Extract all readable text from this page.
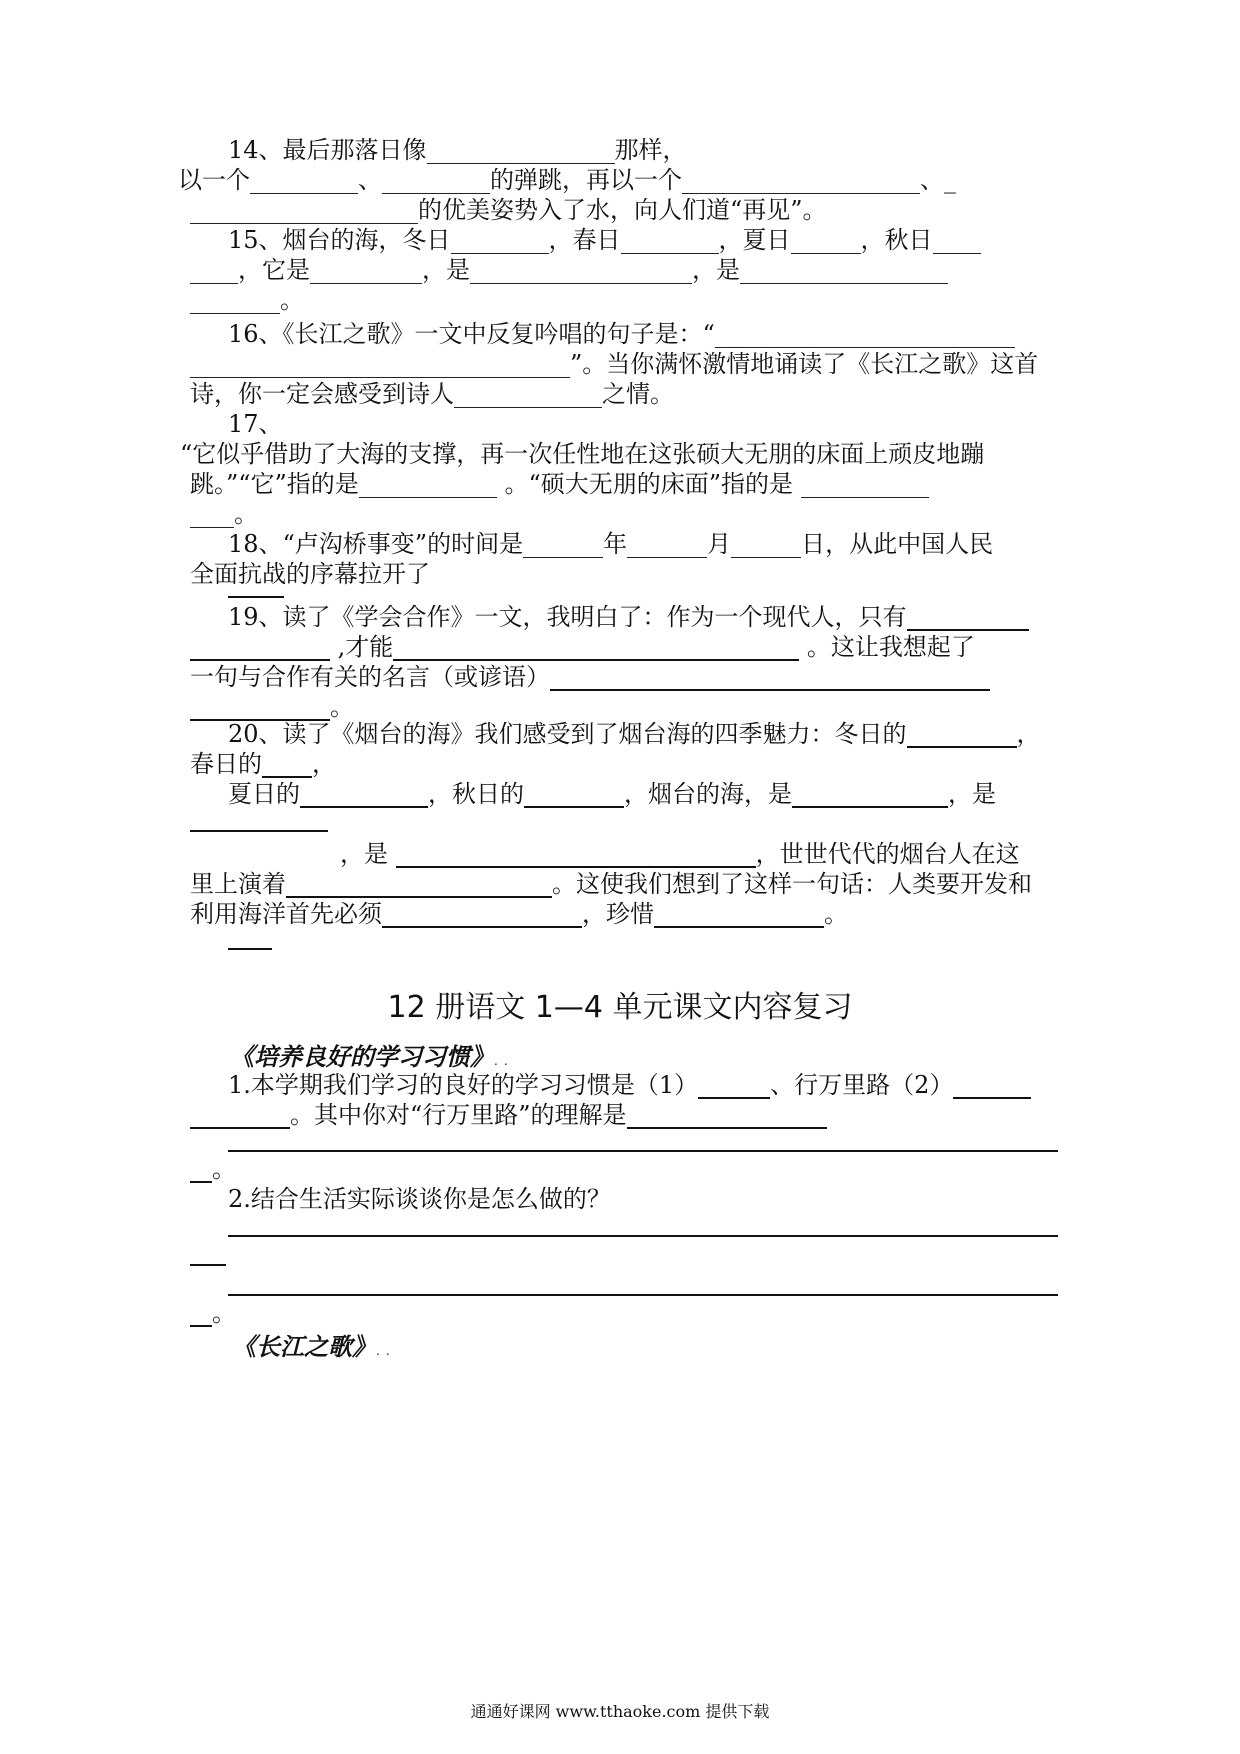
14、最后那落日像	那样，
以一个	、	的弹跳，再以一个	、_
的优美姿势入了水，向人们道“再见”。
15、烟台的海，冬日	，春日	，夏日	，秋日
，它是	，是	，是
。
16、《长江之歌》一文中反复吟唱的句子是：“
”。当你满怀激情地诵读了《长江之歌》这首
诗，你一定会感受到诗人	之情。
17、
“它似乎借助了大海的支撑，再一次任性地在这张硕大无朋的床面上顽皮地蹦
跳。”“它”指的是	。“硕大无朋的床面”指的是
。
18、“卢沟桥事变”的时间是	年	月	日，从此中国人民
全面抗战的序幕拉开了
19、读了《学会合作》一文，我明白了：作为一个现代人，只有
,才能	。这让我想起了
一句与合作有关的名言（或谚语）
。
20、读了《烟台的海》我们感受到了烟台海的四季魅力：冬日的	，
春日的 ，
夏日的	，秋日的	，烟台的海，是	，是
，是	，世世代代的烟台人在这
里上演着	。这使我们想到了这样一句话：人类要开发和
利用海洋首先必须	，珍惜	。
12 册语文 1—4 单元课文内容复习
《培养良好的学习习惯》..
1.本学期我们学习的良好的学习习惯是（1）	、行万里路（2）
。其中你对“行万里路”的理解是
。
2.结合生活实际谈谈你是怎么做的？
。
《长江之歌》..
通通好课网 www.tthaoke.com 提供下载
